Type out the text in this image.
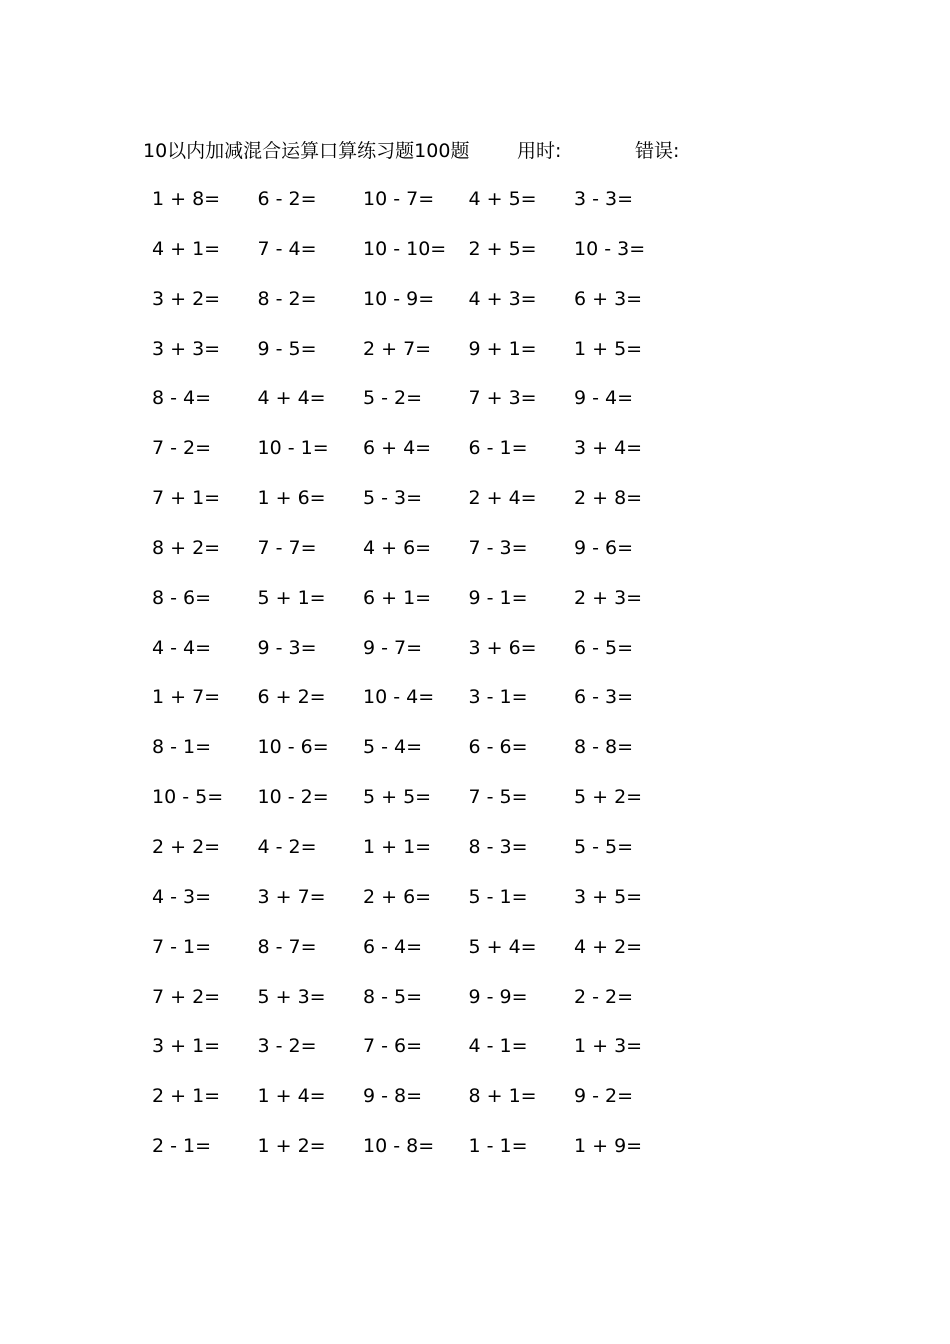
10以内加减混合运算口算练习题100题	用时:	错误:
1 + 8=	6 - 2=	10 - 7=	4 + 5=	3 - 3=
4 + 1=	7 - 4=	10 - 10=	2 + 5=	10 - 3=
3 + 2=	8 - 2=	10 - 9=	4 + 3=	6 + 3=
3 + 3=	9 - 5=	2 + 7=	9 + 1=	1 + 5=
8 - 4=	4 + 4=	5 - 2=	7 + 3=	9 - 4=
7 - 2=	10 - 1=	6 + 4=	6 - 1=	3 + 4=
7 + 1=	1 + 6=	5 - 3=	2 + 4=	2 + 8=
8 + 2=	7 - 7=	4 + 6=	7 - 3=	9 - 6=
8 - 6=	5 + 1=	6 + 1=	9 - 1=	2 + 3=
4 - 4=	9 - 3=	9 - 7=	3 + 6=	6 - 5=
1 + 7=	6 + 2=	10 - 4=	3 - 1=	6 - 3=
8 - 1=	10 - 6=	5 - 4=	6 - 6=	8 - 8=
10 - 5=	10 - 2=	5 + 5=	7 - 5=	5 + 2=
2 + 2=	4 - 2=	1 + 1=	8 - 3=	5 - 5=
4 - 3=	3 + 7=	2 + 6=	5 - 1=	3 + 5=
7 - 1=	8 - 7=	6 - 4=	5 + 4=	4 + 2=
7 + 2=	5 + 3=	8 - 5=	9 - 9=	2 - 2=
3 + 1=	3 - 2=	7 - 6=	4 - 1=	1 + 3=
2 + 1=	1 + 4=	9 - 8=	8 + 1=	9 - 2=
2 - 1=	1 + 2=	10 - 8=	1 - 1=	1 + 9=
